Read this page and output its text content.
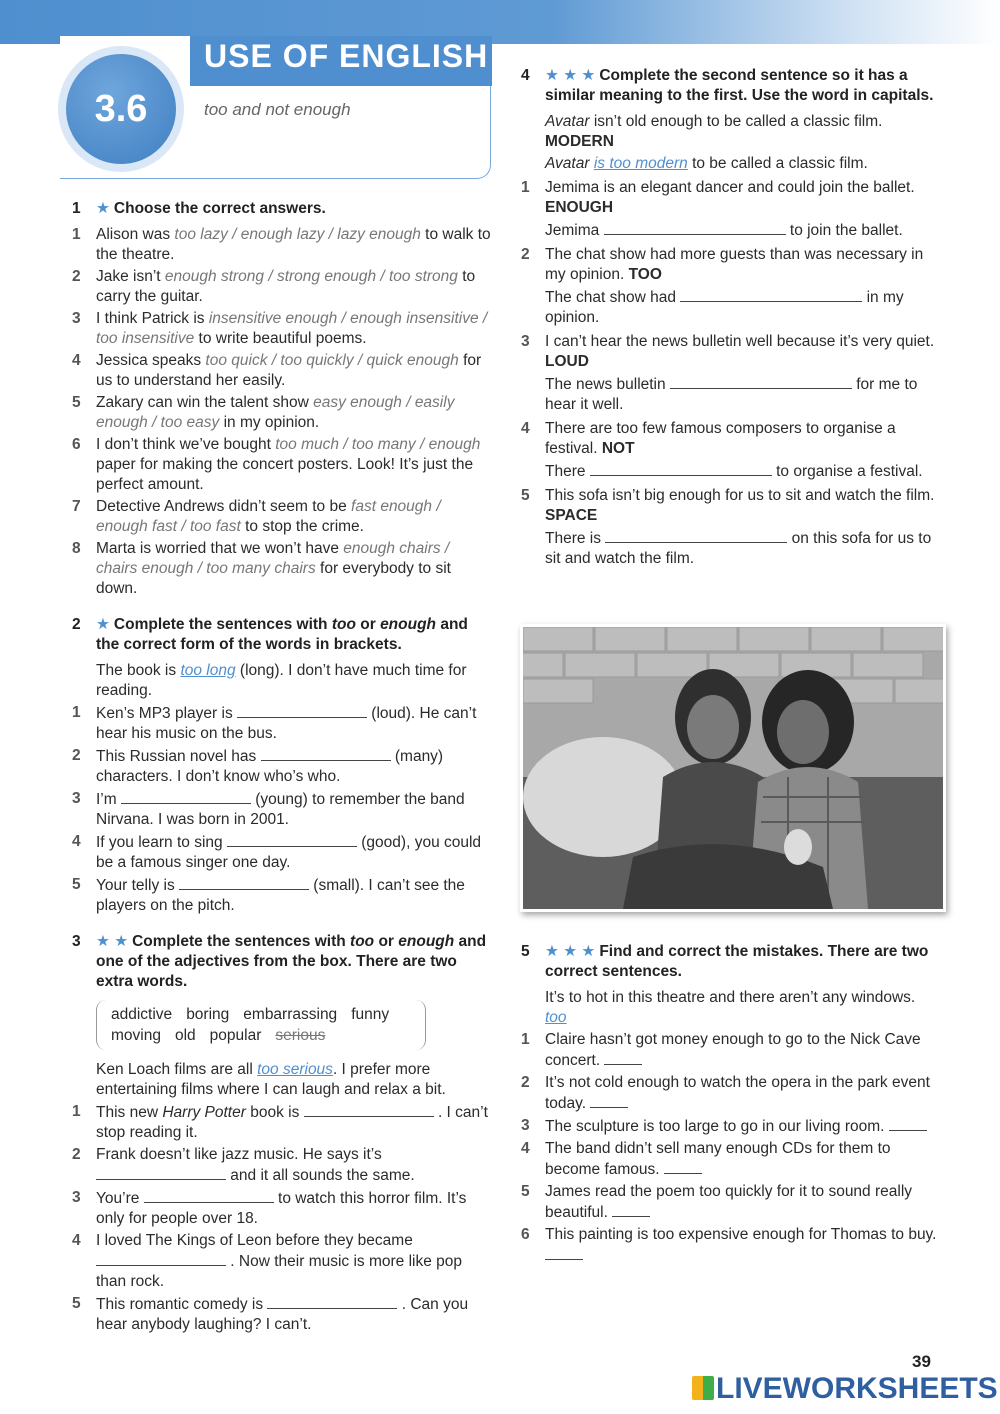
USE OF ENGLISH
too and not enough
3.6
1 ★ Choose the correct answers.
1 Alison was too lazy / enough lazy / lazy enough to walk to the theatre.
2 Jake isn’t enough strong / strong enough / too strong to carry the guitar.
3 I think Patrick is insensitive enough / enough insensitive / too insensitive to write beautiful poems.
4 Jessica speaks too quick / too quickly / quick enough for us to understand her easily.
5 Zakary can win the talent show easy enough / easily enough / too easy in my opinion.
6 I don’t think we’ve bought too much / too many / enough paper for making the concert posters. Look! It’s just the perfect amount.
7 Detective Andrews didn’t seem to be fast enough / enough fast / too fast to stop the crime.
8 Marta is worried that we won’t have enough chairs / chairs enough / too many chairs for everybody to sit down.
2 ★ Complete the sentences with too or enough and the correct form of the words in brackets.
The book is too long (long). I don’t have much time for reading.
1 Ken’s MP3 player is	(loud). He can’t hear his music on the bus.
2 This Russian novel has	(many) characters. I don’t know who’s who.
3 I’m	(young) to remember the band Nirvana. I was born in 2001.
4 If you learn to sing	(good), you could be a famous singer one day.
5 Your telly is	(small). I can’t see the players on the pitch.
3 ★ ★ Complete the sentences with too or enough and one of the adjectives from the box. There are two extra words.
addictive boring embarrassing funny
moving old popular serious
Ken Loach films are all too serious. I prefer more entertaining films where I can laugh and relax a bit.
1 This new Harry Potter book is	. I can’t stop reading it.
2 Frank doesn’t like jazz music. He says it’s  and it all sounds the same.
3 You’re	to watch this horror film. It’s only for people over 18.
4 I loved The Kings of Leon before they became  . Now their music is more like pop than rock.
5 This romantic comedy is	. Can you hear anybody laughing? I can’t.
4 ★ ★ ★ Complete the second sentence so it has a similar meaning to the first. Use the word in capitals.
Avatar isn’t old enough to be called a classic film. MODERN
Avatar is too modern to be called a classic film.
1 Jemima is an elegant dancer and could join the ballet. ENOUGH
Jemima	to join the ballet.
2 The chat show had more guests than was necessary in my opinion. TOO
The chat show had	in my opinion.
3 I can’t hear the news bulletin well because it’s very quiet. LOUD
The news bulletin	for me to hear it well.
4 There are too few famous composers to organise a festival. NOT
There	to organise a festival.
5 This sofa isn’t big enough for us to sit and watch the film. SPACE
There is	on this sofa for us to sit and watch the film.
5 ★ ★ ★ Find and correct the mistakes. There are two correct sentences.
It’s to hot in this theatre and there aren’t any windows. too
1 Claire hasn’t got money enough to go to the Nick Cave concert.
2 It’s not cold enough to watch the opera in the park event today.
3 The sculpture is too large to go in our living room.
4 The band didn’t sell many enough CDs for them to become famous.
5 James read the poem too quickly for it to sound really beautiful.
6 This painting is too expensive enough for Thomas to buy.
39
LIVEWORKSHEETS
